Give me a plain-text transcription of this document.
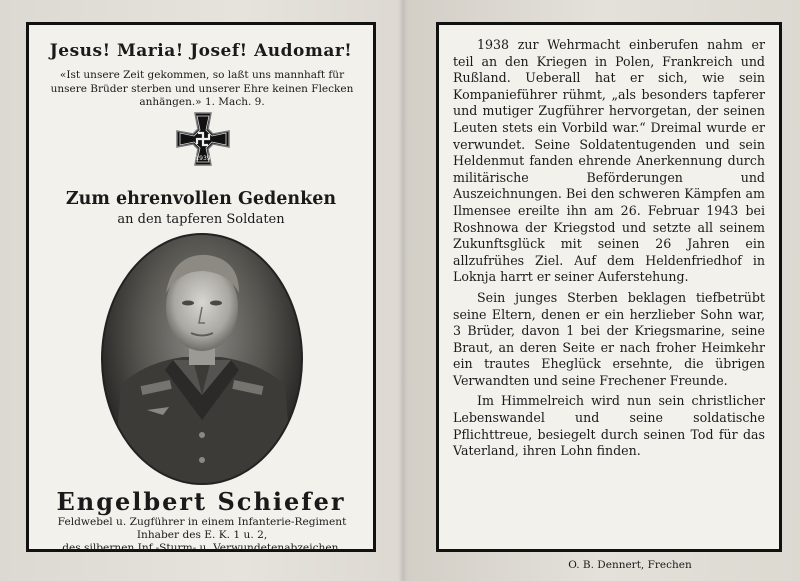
Jesus! Maria! Josef! Audomar!
«Ist unsere Zeit gekommen, so laßt uns mannhaft für unsere Brüder sterben und unserer Ehre keinen Flecken anhängen.» 1. Mach. 9.
1939
Zum ehrenvollen Gedenken
an den tapferen Soldaten
Engelbert Schiefer
Feldwebel u. Zugführer in einem Infanterie-Regiment
Inhaber des E. K. 1 u. 2,
des silbernen Inf.-Sturm- u. Verwundetenabzeichen.

1938 zur Wehrmacht einberufen nahm er teil an den Kriegen in Polen, Frankreich und Rußland. Ueberall hat er sich, wie sein Kompanieführer rühmt, „als besonders tapferer und mutiger Zugführer hervorgetan, der seinen Leuten stets ein Vorbild war.“ Dreimal wurde er verwundet. Seine Soldatentugenden und sein Heldenmut fanden ehrende Anerkennung durch militärische Beförderungen und Auszeichnungen. Bei den schweren Kämpfen am Ilmensee ereilte ihn am 26. Februar 1943 bei Roshnowa der Kriegstod und setzte all seinem Zukunftsglück mit seinen 26 Jahren ein allzufrühes Ziel. Auf dem Heldenfriedhof in Loknja harrt er seiner Auferstehung.

Sein junges Sterben beklagen tiefbetrübt seine Eltern, denen er ein herzlieber Sohn war, 3 Brüder, davon 1 bei der Kriegsmarine, seine Braut, an deren Seite er nach froher Heimkehr ein trautes Eheglück ersehnte, die übrigen Verwandten und seine Frechener Freunde.

Im Himmelreich wird nun sein christlicher Lebenswandel und seine soldatische Pflichttreue, besiegelt durch seinen Tod für das Vaterland, ihren Lohn finden.

O. B. Dennert, Frechen
